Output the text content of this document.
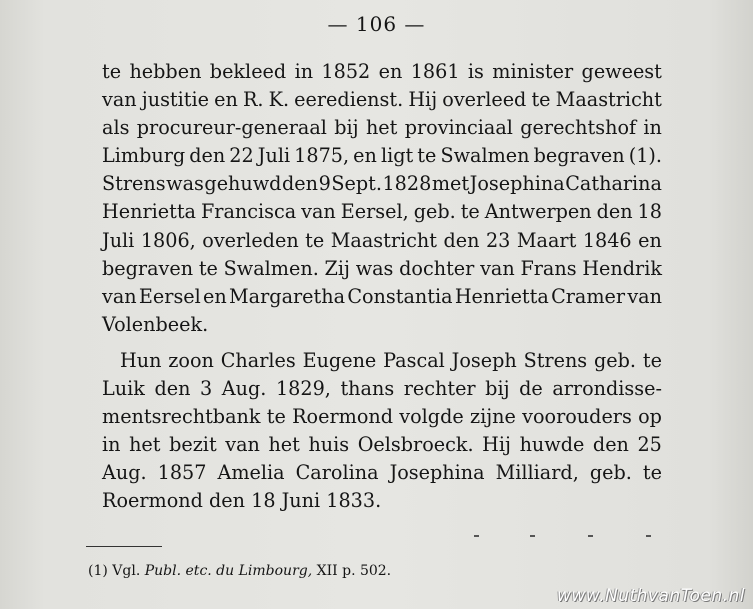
— 106 —
te hebben bekleed in 1852 en 1861 is minister geweest
van justitie en R. K. eeredienst. Hij overleed te Maastricht
als procureur-generaal bij het provinciaal gerechtshof in
Limburg den 22 Juli 1875, en ligt te Swalmen begraven (1).
Strens was gehuwd den 9 Sept. 1828 met Josephina Catharina
Henrietta Francisca van Eersel, geb. te Antwerpen den 18
Juli 1806, overleden te Maastricht den 23 Maart 1846 en
begraven te Swalmen. Zij was dochter van Frans Hendrik
van Eersel en Margaretha Constantia Henrietta Cramer van
Volenbeek.
Hun zoon Charles Eugene Pascal Joseph Strens geb. te
Luik den 3 Aug. 1829, thans rechter bij de arrondisse-
mentsrechtbank te Roermond volgde zijne voorouders op
in het bezit van het huis Oelsbroeck. Hij huwde den 25
Aug. 1857 Amelia Carolina Josephina Milliard, geb. te
Roermond den 18 Juni 1833.
(1) Vgl. Publ. etc. du Limbourg, XII p. 502.
www.NuthvanToen.nl
